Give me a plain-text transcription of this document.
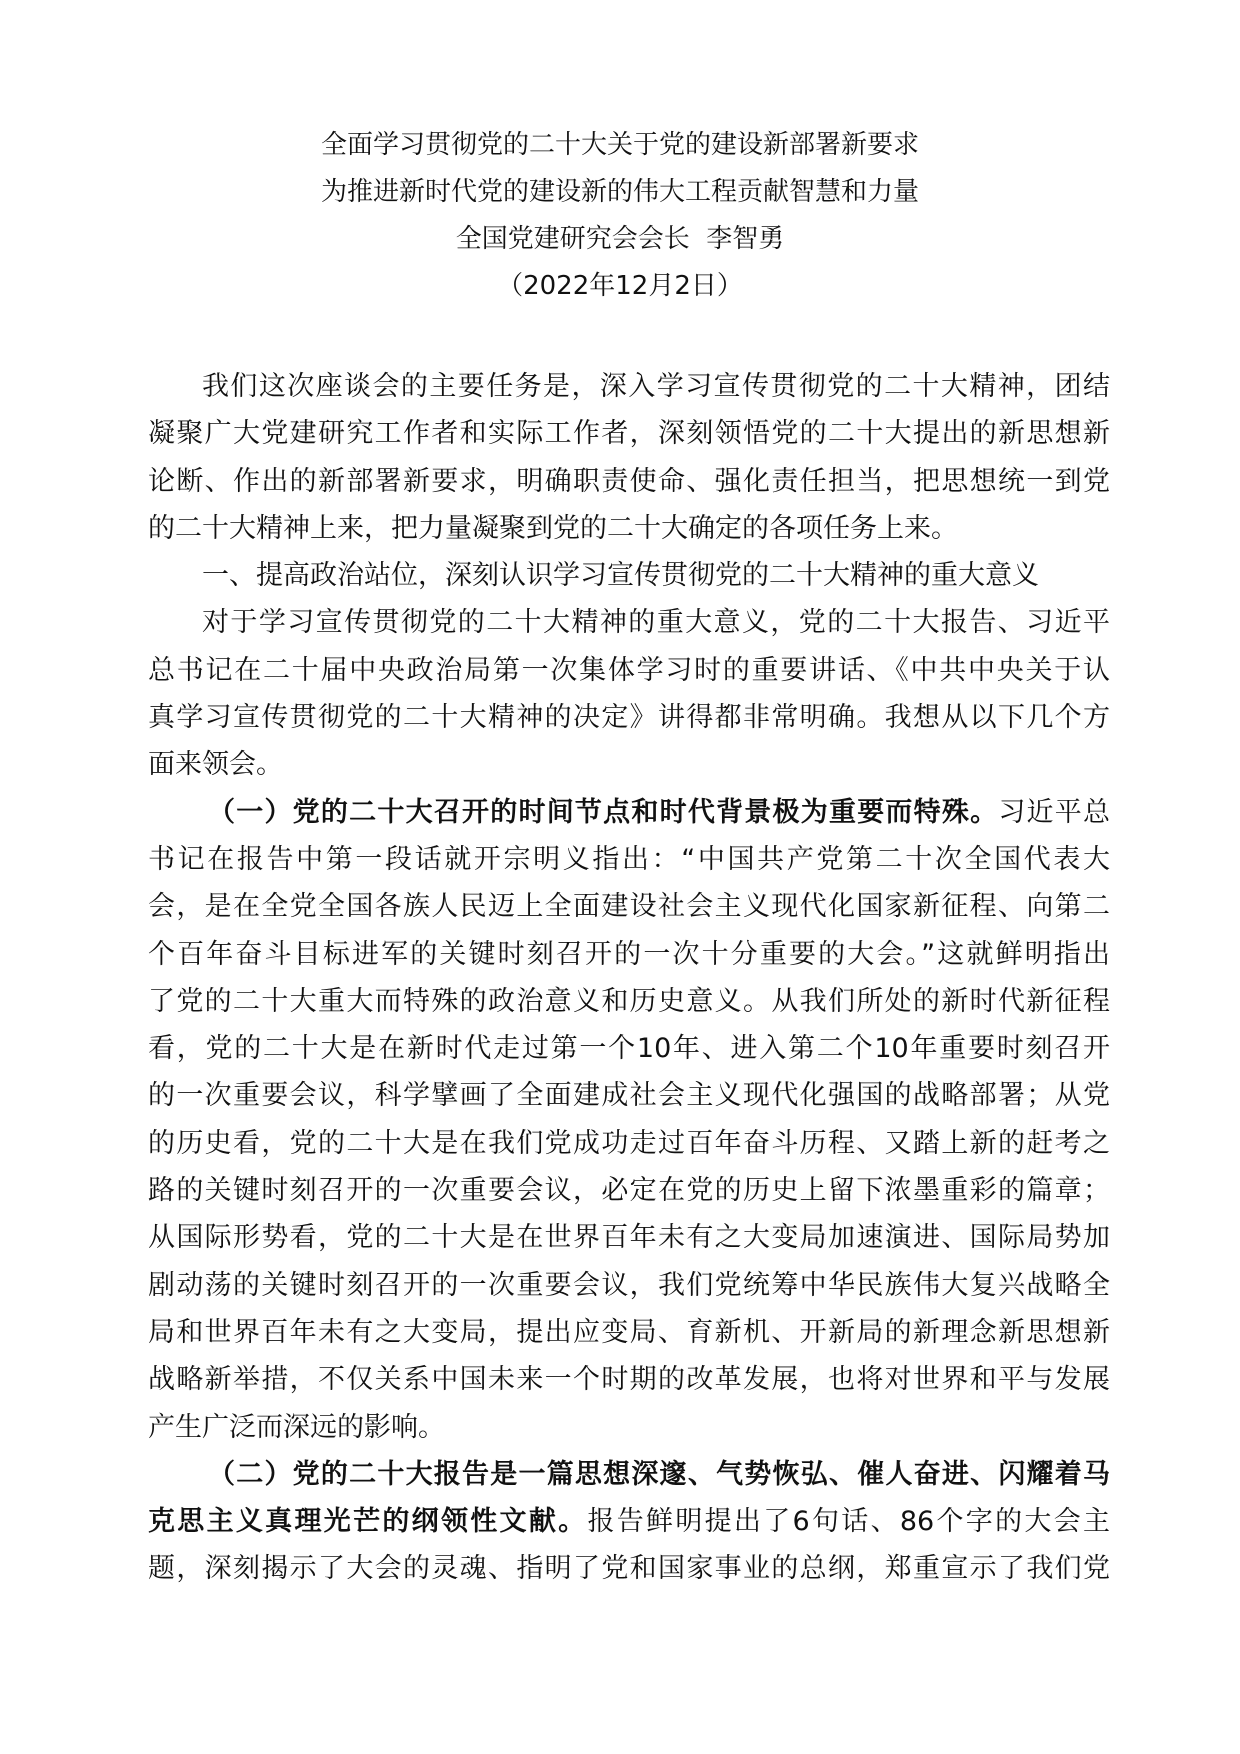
全面学习贯彻党的二十大关于党的建设新部署新要求
为推进新时代党的建设新的伟大工程贡献智慧和力量
全国党建研究会会长  李智勇
（2022年12月2日）
我们这次座谈会的主要任务是，深入学习宣传贯彻党的二十大精神，团结
凝聚广大党建研究工作者和实际工作者，深刻领悟党的二十大提出的新思想新
论断、作出的新部署新要求，明确职责使命、强化责任担当，把思想统一到党
的二十大精神上来，把力量凝聚到党的二十大确定的各项任务上来。
一、提高政治站位，深刻认识学习宣传贯彻党的二十大精神的重大意义
对于学习宣传贯彻党的二十大精神的重大意义，党的二十大报告、习近平
总书记在二十届中央政治局第一次集体学习时的重要讲话、《中共中央关于认
真学习宣传贯彻党的二十大精神的决定》讲得都非常明确。我想从以下几个方
面来领会。
（一）党的二十大召开的时间节点和时代背景极为重要而特殊。习近平总
书记在报告中第一段话就开宗明义指出：“中国共产党第二十次全国代表大
会，是在全党全国各族人民迈上全面建设社会主义现代化国家新征程、向第二
个百年奋斗目标进军的关键时刻召开的一次十分重要的大会。”这就鲜明指出
了党的二十大重大而特殊的政治意义和历史意义。从我们所处的新时代新征程
看，党的二十大是在新时代走过第一个10年、进入第二个10年重要时刻召开
的一次重要会议，科学擘画了全面建成社会主义现代化强国的战略部署；从党
的历史看，党的二十大是在我们党成功走过百年奋斗历程、又踏上新的赶考之
路的关键时刻召开的一次重要会议，必定在党的历史上留下浓墨重彩的篇章；
从国际形势看，党的二十大是在世界百年未有之大变局加速演进、国际局势加
剧动荡的关键时刻召开的一次重要会议，我们党统筹中华民族伟大复兴战略全
局和世界百年未有之大变局，提出应变局、育新机、开新局的新理念新思想新
战略新举措，不仅关系中国未来一个时期的改革发展，也将对世界和平与发展
产生广泛而深远的影响。
（二）党的二十大报告是一篇思想深邃、气势恢弘、催人奋进、闪耀着马
克思主义真理光芒的纲领性文献。报告鲜明提出了6句话、86个字的大会主
题，深刻揭示了大会的灵魂、指明了党和国家事业的总纲，郑重宣示了我们党
